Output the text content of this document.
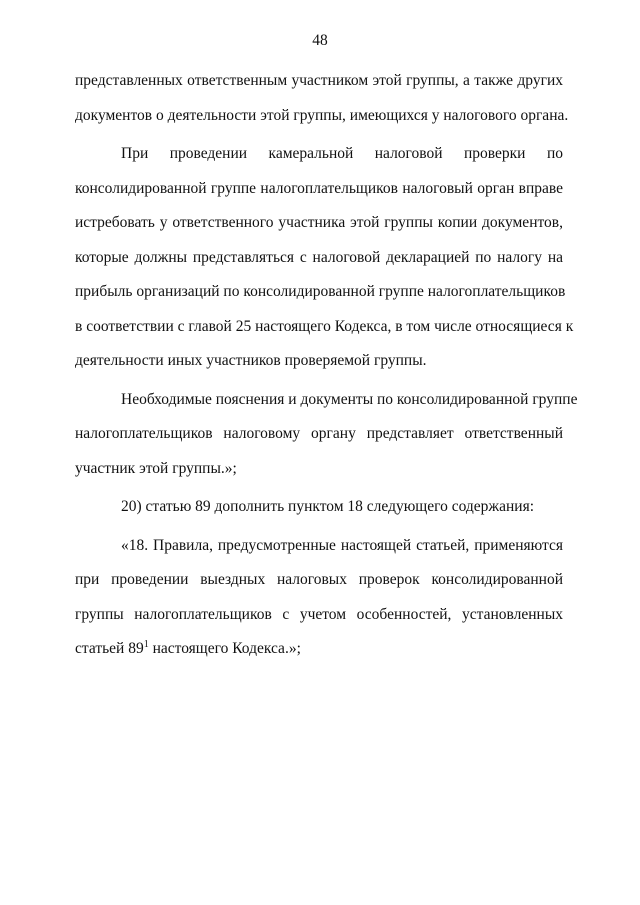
48

представленных ответственным участником этой группы, а также других
документов о деятельности этой группы, имеющихся у налогового органа.

При проведении камеральной налоговой проверки по
консолидированной группе налогоплательщиков налоговый орган вправе
истребовать у ответственного участника этой группы копии документов,
которые должны представляться с налоговой декларацией по налогу на
прибыль организаций по консолидированной группе налогоплательщиков
в соответствии с главой 25 настоящего Кодекса, в том числе относящиеся к
деятельности иных участников проверяемой группы.

Необходимые пояснения и документы по консолидированной группе
налогоплательщиков налоговому органу представляет ответственный
участник этой группы.»;

20) статью 89 дополнить пунктом 18 следующего содержания:

«18. Правила, предусмотренные настоящей статьей, применяются
при проведении выездных налоговых проверок консолидированной
группы налогоплательщиков с учетом особенностей, установленных
статьей $89^1$ настоящего Кодекса.»;
